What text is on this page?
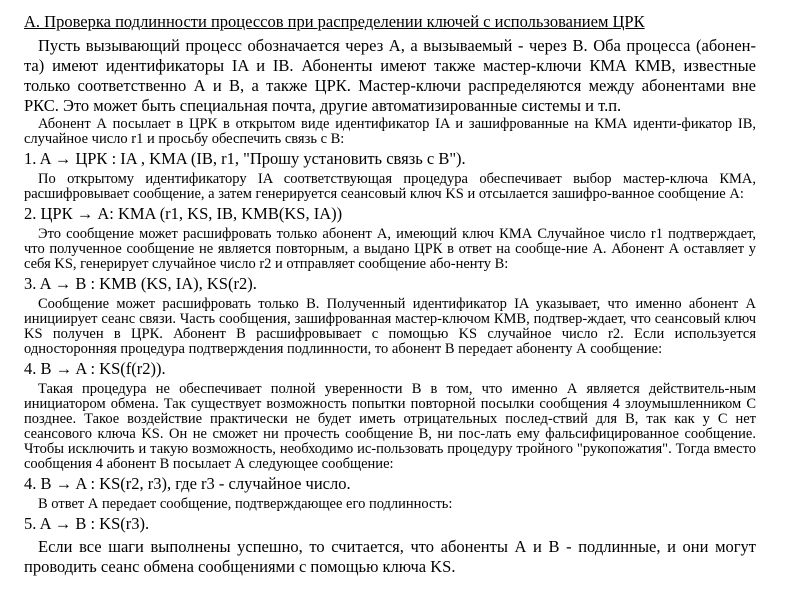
А. Проверка подлинности процессов при распределении ключей с использованием ЦРК

Пусть вызывающий процесс обозначается через А, а вызываемый - через В. Оба процесса (абонен-та) имеют идентификаторы IA и IB. Абоненты имеют также мастер-ключи КМА КМВ, известные только соответственно А и В, а также ЦРК. Мастер-ключи распределяются между абонентами вне РКС. Это может быть специальная почта, другие автоматизированные системы и т.п.

Абонент А посылает в ЦРК в открытом виде идентификатор IA и зашифрованные на КМА иденти-фикатор IB, случайное число r1 и просьбу обеспечить связь с В:

1. A → ЦРК : IA , KMA (IB, r1, "Прошу установить связь с В").

По открытому идентификатору IA соответствующая процедура обеспечивает выбор мастер-ключа КМА, расшифровывает сообщение, а затем генерируется сеансовый ключ KS и отсылается зашифро-ванное сообщение A:

2. ЦРК → A: KMA (r1, KS, IB, KMB(KS, IA))

Это сообщение может расшифровать только абонент А, имеющий ключ КМА Случайное число r1 подтверждает, что полученное сообщение не является повторным, а выдано ЦРК в ответ на сообще-ние А. Абонент А оставляет у себя KS, генерирует случайное число r2 и отправляет сообщение або-ненту В:

3. A → B : KMB (KS, IA), KS(r2).

Сообщение может расшифровать только В. Полученный идентификатор IA указывает, что именно абонент А инициирует сеанс связи. Часть сообщения, зашифрованная мастер-ключом КМВ, подтвер-ждает, что сеансовый ключ KS получен в ЦРК. Абонент В расшифровывает с помощью KS случайное число r2. Если используется односторонняя процедура подтверждения подлинности, то абонент В передает абоненту А сообщение:

4. B → A : KS(f(r2)).

Такая процедура не обеспечивает полной уверенности В в том, что именно А является действитель-ным инициатором обмена. Так существует возможность попытки повторной посылки сообщения 4 злоумышленником С позднее. Такое воздействие практически не будет иметь отрицательных послед-ствий для В, так как у С нет сеансового ключа KS. Он не сможет ни прочесть сообщение В, ни пос-лать ему фальсифицированное сообщение. Чтобы исключить и такую возможность, необходимо ис-пользовать процедуру тройного "рукопожатия". Тогда вместо сообщения 4 абонент В посылает А следующее сообщение:

4. B → A : KS(r2, r3), где r3 - случайное число.

В ответ А передает сообщение, подтверждающее его подлинность:

5. A → B : KS(r3).

Если все шаги выполнены успешно, то считается, что абоненты А и В - подлинные, и они могут проводить сеанс обмена сообщениями с помощью ключа KS.
